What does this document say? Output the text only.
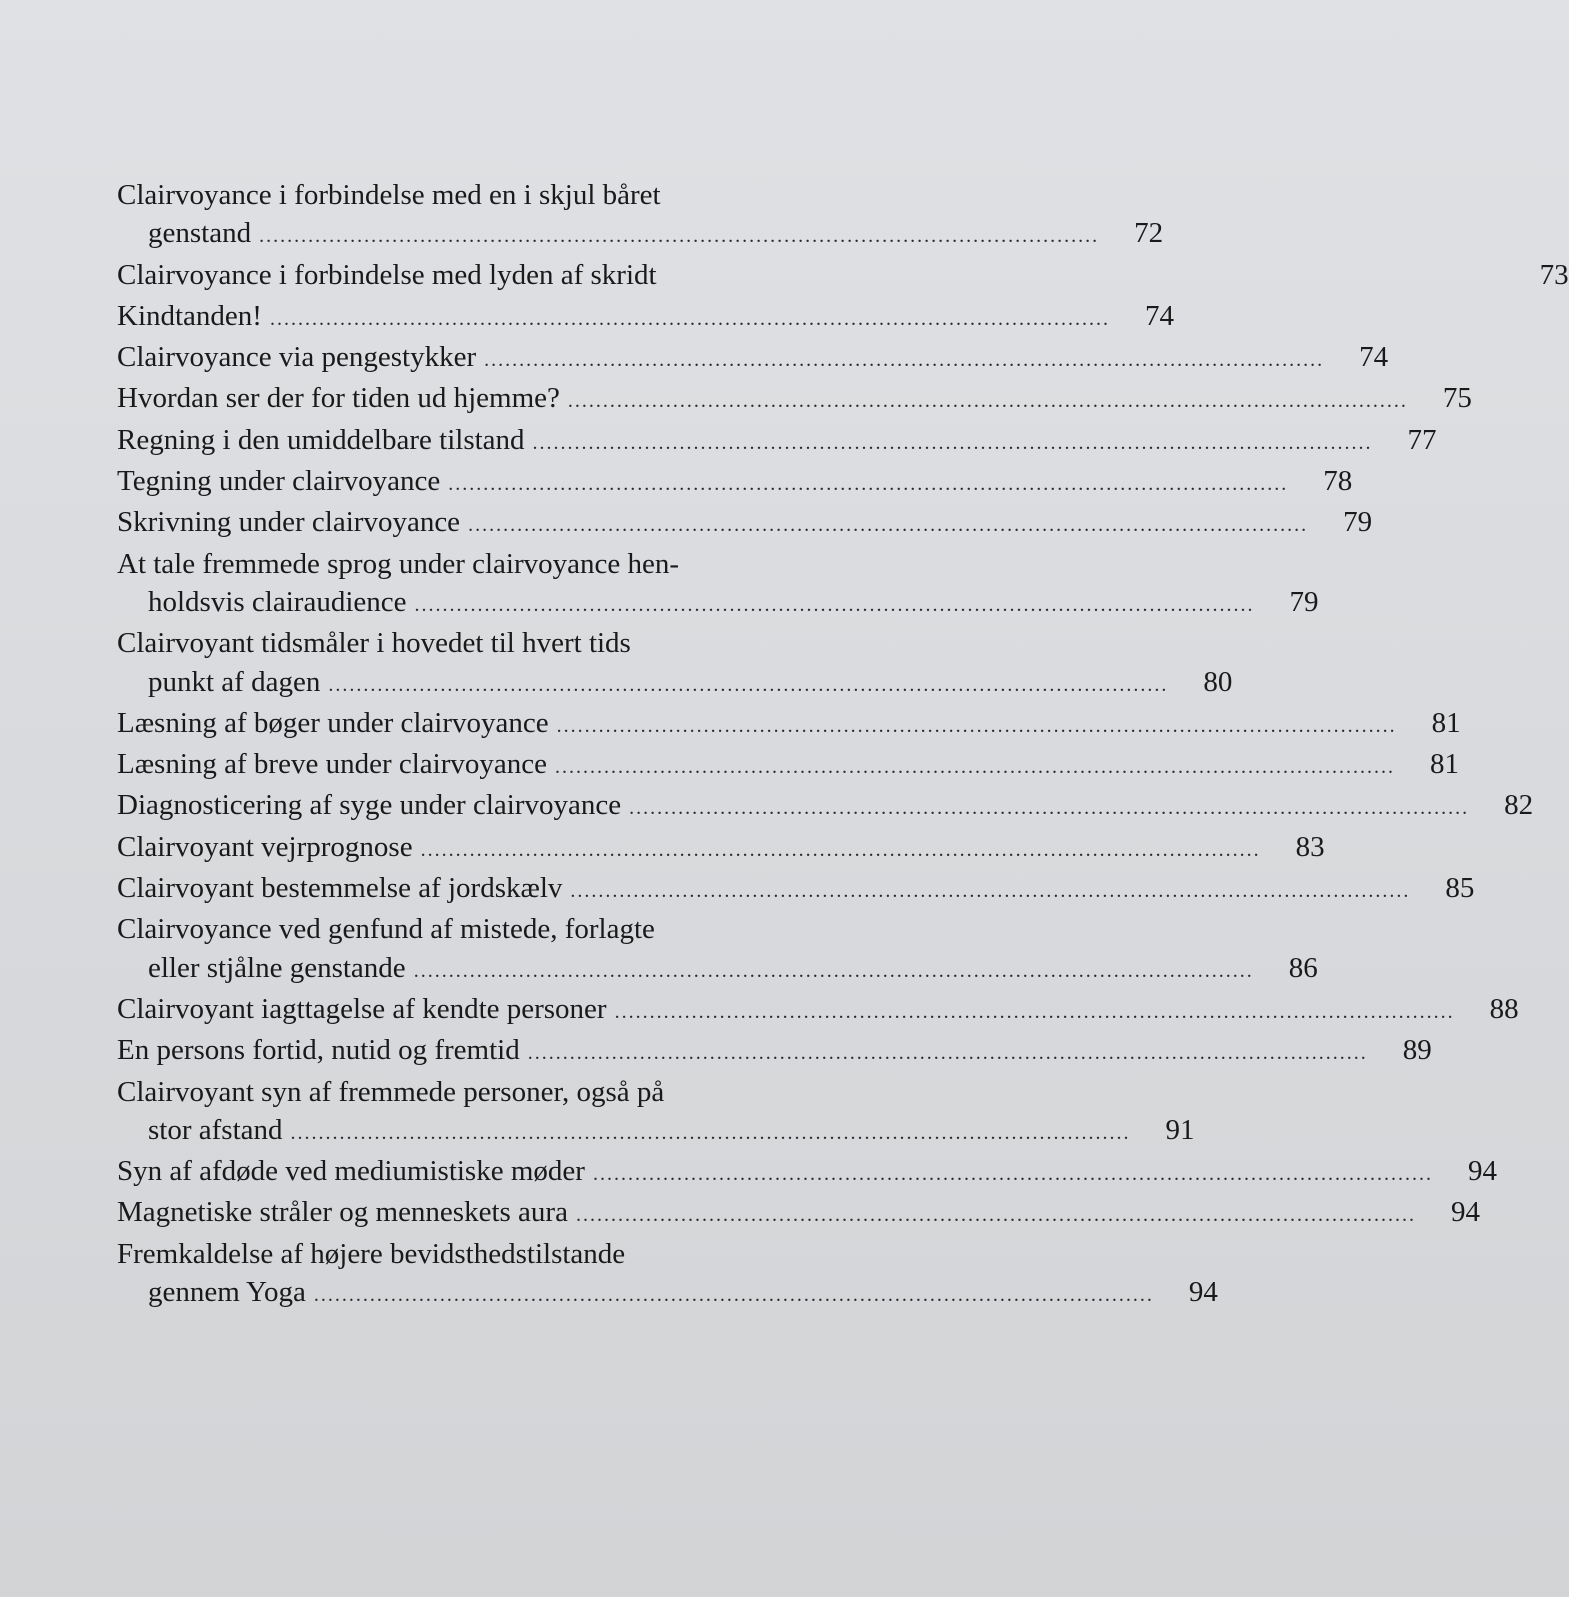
Clairvoyance i forbindelse med en i skjul båret
genstand ........................................................................................................................	72
Clairvoyance i forbindelse med lyden af skridt	73
Kindtanden! ........................................................................................................................	74
Clairvoyance via pengestykker ........................................................................................................................	74
Hvordan ser der for tiden ud hjemme? ........................................................................................................................	75
Regning i den umiddelbare tilstand ........................................................................................................................	77
Tegning under clairvoyance ........................................................................................................................	78
Skrivning under clairvoyance ........................................................................................................................	79
At tale fremmede sprog under clairvoyance hen-
holdsvis clairaudience ........................................................................................................................	79
Clairvoyant tidsmåler i hovedet til hvert tids
punkt af dagen ........................................................................................................................	80
Læsning af bøger under clairvoyance ........................................................................................................................	81
Læsning af breve under clairvoyance ........................................................................................................................	81
Diagnosticering af syge under clairvoyance ........................................................................................................................	82
Clairvoyant vejrprognose ........................................................................................................................	83
Clairvoyant bestemmelse af jordskælv ........................................................................................................................	85
Clairvoyance ved genfund af mistede, forlagte
eller stjålne genstande ........................................................................................................................	86
Clairvoyant iagttagelse af kendte personer ........................................................................................................................	88
En persons fortid, nutid og fremtid ........................................................................................................................	89
Clairvoyant syn af fremmede personer, også på
stor afstand ........................................................................................................................	91
Syn af afdøde ved mediumistiske møder ........................................................................................................................	94
Magnetiske stråler og menneskets aura ........................................................................................................................	94
Fremkaldelse af højere bevidsthedstilstande
gennem Yoga ........................................................................................................................	94
